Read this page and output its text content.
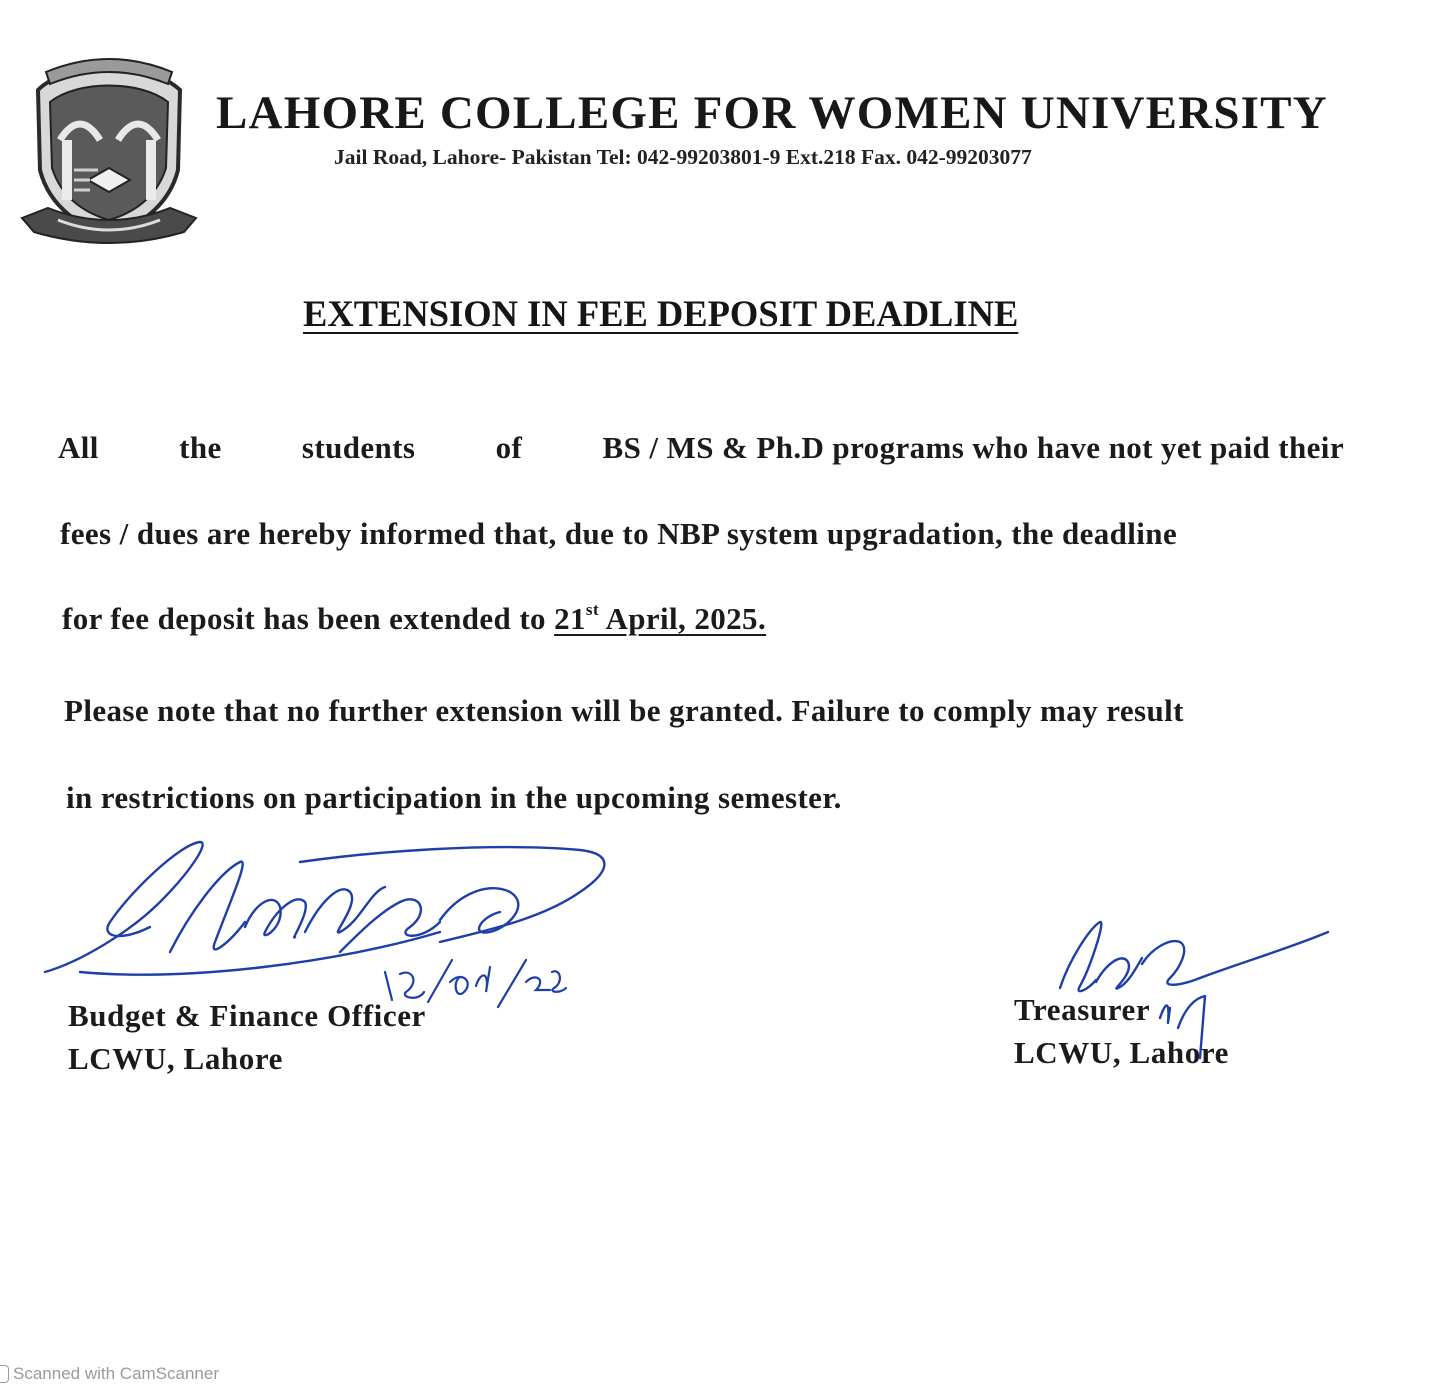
LAHORE COLLEGE FOR WOMEN UNIVERSITY
Jail Road, Lahore- Pakistan Tel: 042-99203801-9 Ext.218 Fax. 042-99203077
EXTENSION IN FEE DEPOSIT DEADLINE
All	the	students	of	BS / MS & Ph.D programs who have not yet paid their
fees / dues are hereby informed that, due to NBP system upgradation, the deadline
for fee deposit has been extended to 21st April, 2025.
Please note that no further extension will be granted. Failure to comply may result
in restrictions on participation in the upcoming semester.
Budget & Finance Officer
LCWU, Lahore
Treasurer
LCWU, Lahore
Scanned with CamScanner
